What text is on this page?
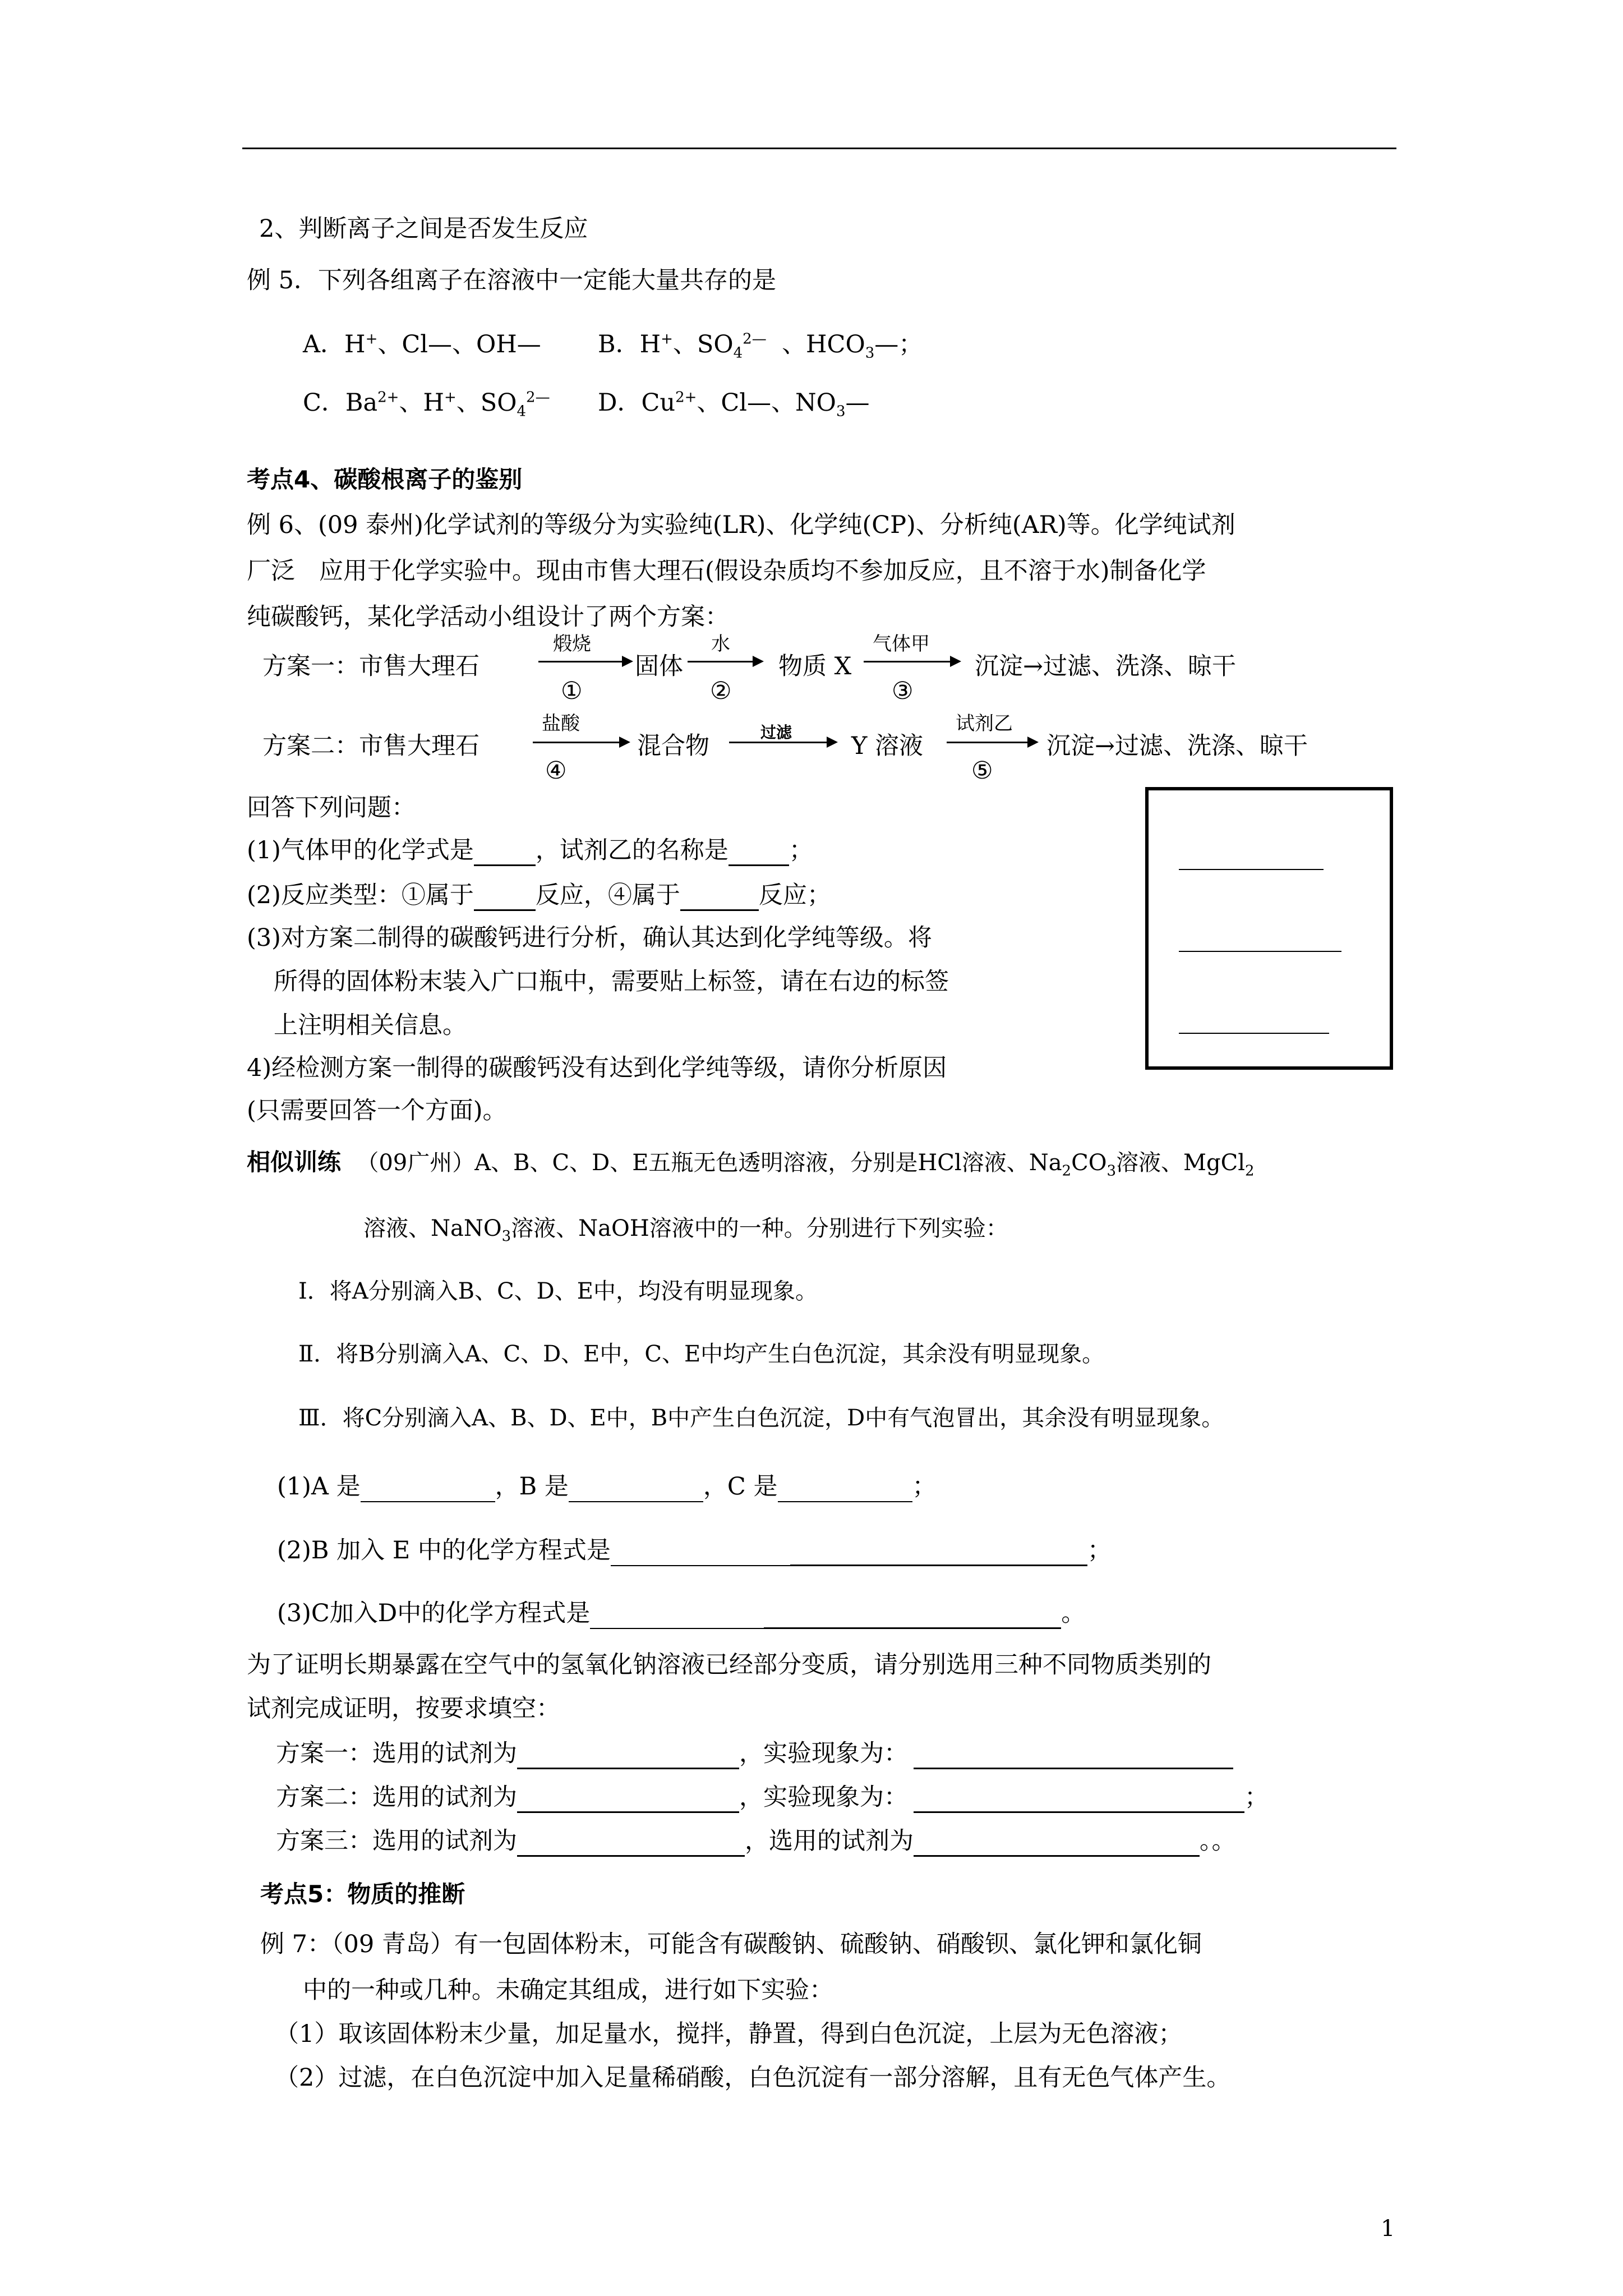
2、判断离子之间是否发生反应
例 5．下列各组离子在溶液中一定能大量共存的是
A．H+、Cl—、OH— B．H+、$SO_4^{2—}$ 、$HCO_3—$；
C．$Ba^{2+}$、H+、$SO_4^{2—}$ D．$Cu^{2+}$、Cl—、$NO_3—$
考点4、碳酸根离子的鉴别
例 6、(09 泰州)化学试剂的等级分为实验纯(LR)、化学纯(CP)、分析纯(AR)等。化学纯试剂
厂泛　应用于化学实验中。现由市售大理石(假设杂质均不参加反应，且不溶于水)制备化学
纯碳酸钙，某化学活动小组设计了两个方案：
方案一：市售大理石
煅烧
①
固体
水
②
物质 X
气体甲
③
沉淀→过滤、洗涤、晾干
方案二：市售大理石
盐酸
④
混合物	过滤 Y 溶液
试剂乙
⑤
沉淀→过滤、洗涤、晾干
回答下列问题：
(1)气体甲的化学式是	，试剂乙的名称是	；
(2)反应类型：①属于	反应，④属于	反应；
(3)对方案二制得的碳酸钙进行分析，确认其达到化学纯等级。将
所得的固体粉末装入广口瓶中，需要贴上标签，请在右边的标签
上注明相关信息。
4)经检测方案一制得的碳酸钙没有达到化学纯等级，请你分析原因
(只需要回答一个方面)。
相似训练 （09广州）A、B、C、D、E五瓶无色透明溶液，分别是HCl溶液、$Na_2CO_3$溶液、MgCl$_2$
溶液、NaNO$_3$溶液、NaOH溶液中的一种。分别进行下列实验：
Ⅰ．将A分别滴入B、C、D、E中，均没有明显现象。
Ⅱ．将B分别滴入A、C、D、E中，C、E中均产生白色沉淀，其余没有明显现象。
Ⅲ．将C分别滴入A、B、D、E中，B中产生白色沉淀，D中有气泡冒出，其余没有明显现象。
(1)A 是	，B 是	，C 是	；
(2)B 加入 E 中的化学方程式是	；
(3)C加入D中的化学方程式是	。
为了证明长期暴露在空气中的氢氧化钠溶液已经部分变质，请分别选用三种不同物质类别的
试剂完成证明，按要求填空：
方案一：选用的试剂为	，实验现象为：
方案二：选用的试剂为	，实验现象为：	；
方案三：选用的试剂为	，选用的试剂为	。。
考点5：物质的推断
例 7：（09 青岛）有一包固体粉末，可能含有碳酸钠、硫酸钠、硝酸钡、氯化钾和氯化铜
中的一种或几种。未确定其组成，进行如下实验：
（1）取该固体粉末少量，加足量水，搅拌，静置，得到白色沉淀，上层为无色溶液；
（2）过滤，在白色沉淀中加入足量稀硝酸，白色沉淀有一部分溶解，且有无色气体产生。
1
